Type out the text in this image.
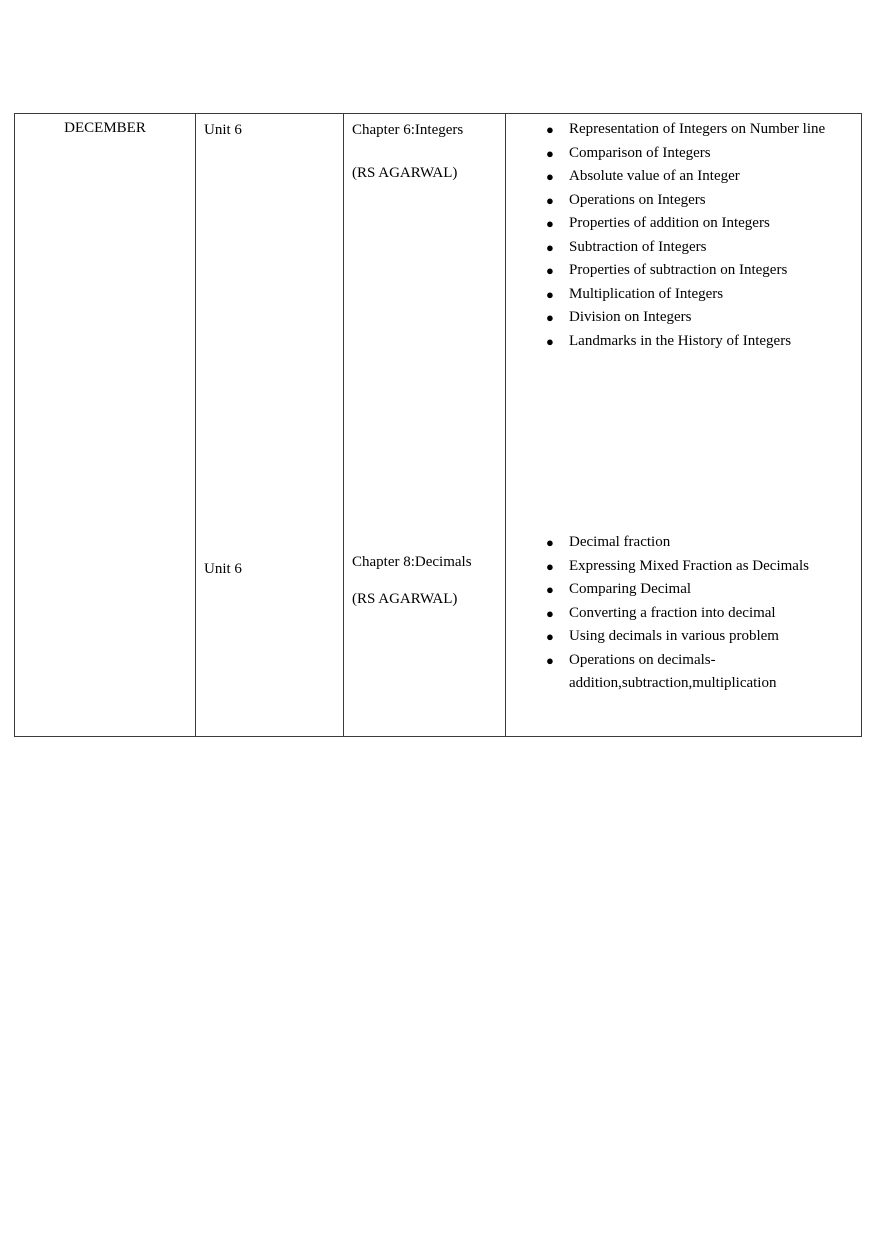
DECEMBER	Unit 6
Unit 6

Chapter 6:Integers

(RS AGARWAL)

Chapter 8:Decimals

(RS AGARWAL)

● Representation of Integers on Number line
● Comparison of Integers
● Absolute value of an Integer
● Operations on Integers
● Properties of addition on Integers
● Subtraction of Integers
● Properties of subtraction on Integers
● Multiplication of Integers
● Division on Integers
● Landmarks in the History of Integers
● Decimal fraction
● Expressing Mixed Fraction as Decimals
● Comparing Decimal
● Converting a fraction into decimal
● Using decimals in various problem
● Operations on decimals-addition,subtraction,multiplication
